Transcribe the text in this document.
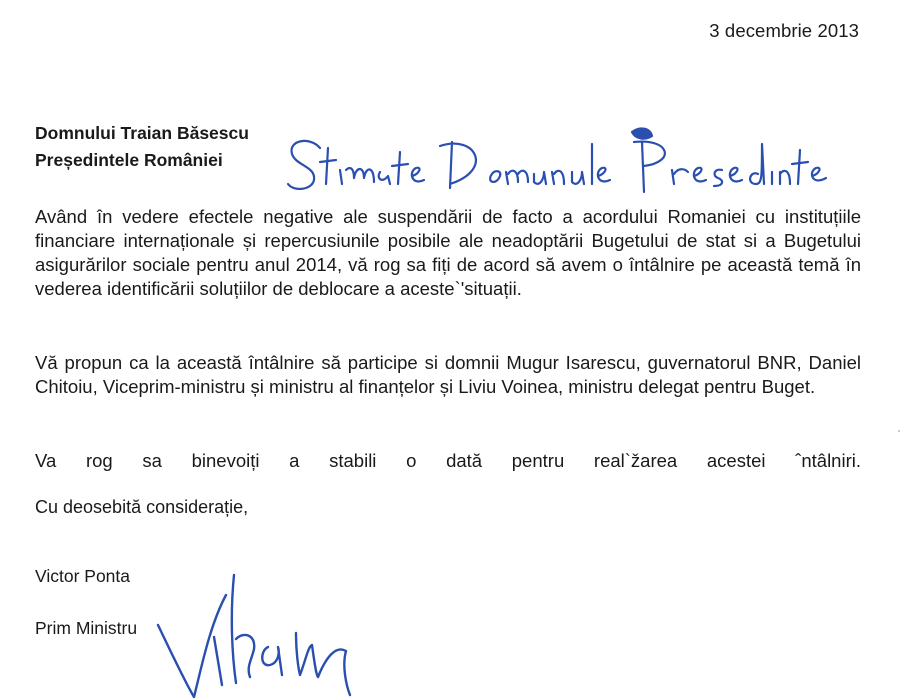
3 decembrie 2013
Domnului Traian Băsescu
Președintele României

Având în vedere efectele negative ale suspendării de facto a acordului Romaniei cu instituțiile financiare internaționale și repercusiunile posibile ale neadoptării Bugetului de stat si a Bugetului asigurărilor sociale pentru anul 2014, vă rog sa fiți de acord să avem o întâlnire pe această temă în vederea identificării soluțiilor de deblocare a aceste`'situații.

Vă propun ca la această întâlnire să participe si domnii Mugur Isarescu, guvernatorul BNR, Daniel Chitoiu, Viceprim-ministru și ministru al finanțelor și Liviu Voinea, ministru delegat pentru Buget.

Va rog sa binevoiți a stabili o dată pentru real`žarea acestei ˆntâlniri.

Cu deosebită considerație,
Victor Ponta
Prim Ministru
